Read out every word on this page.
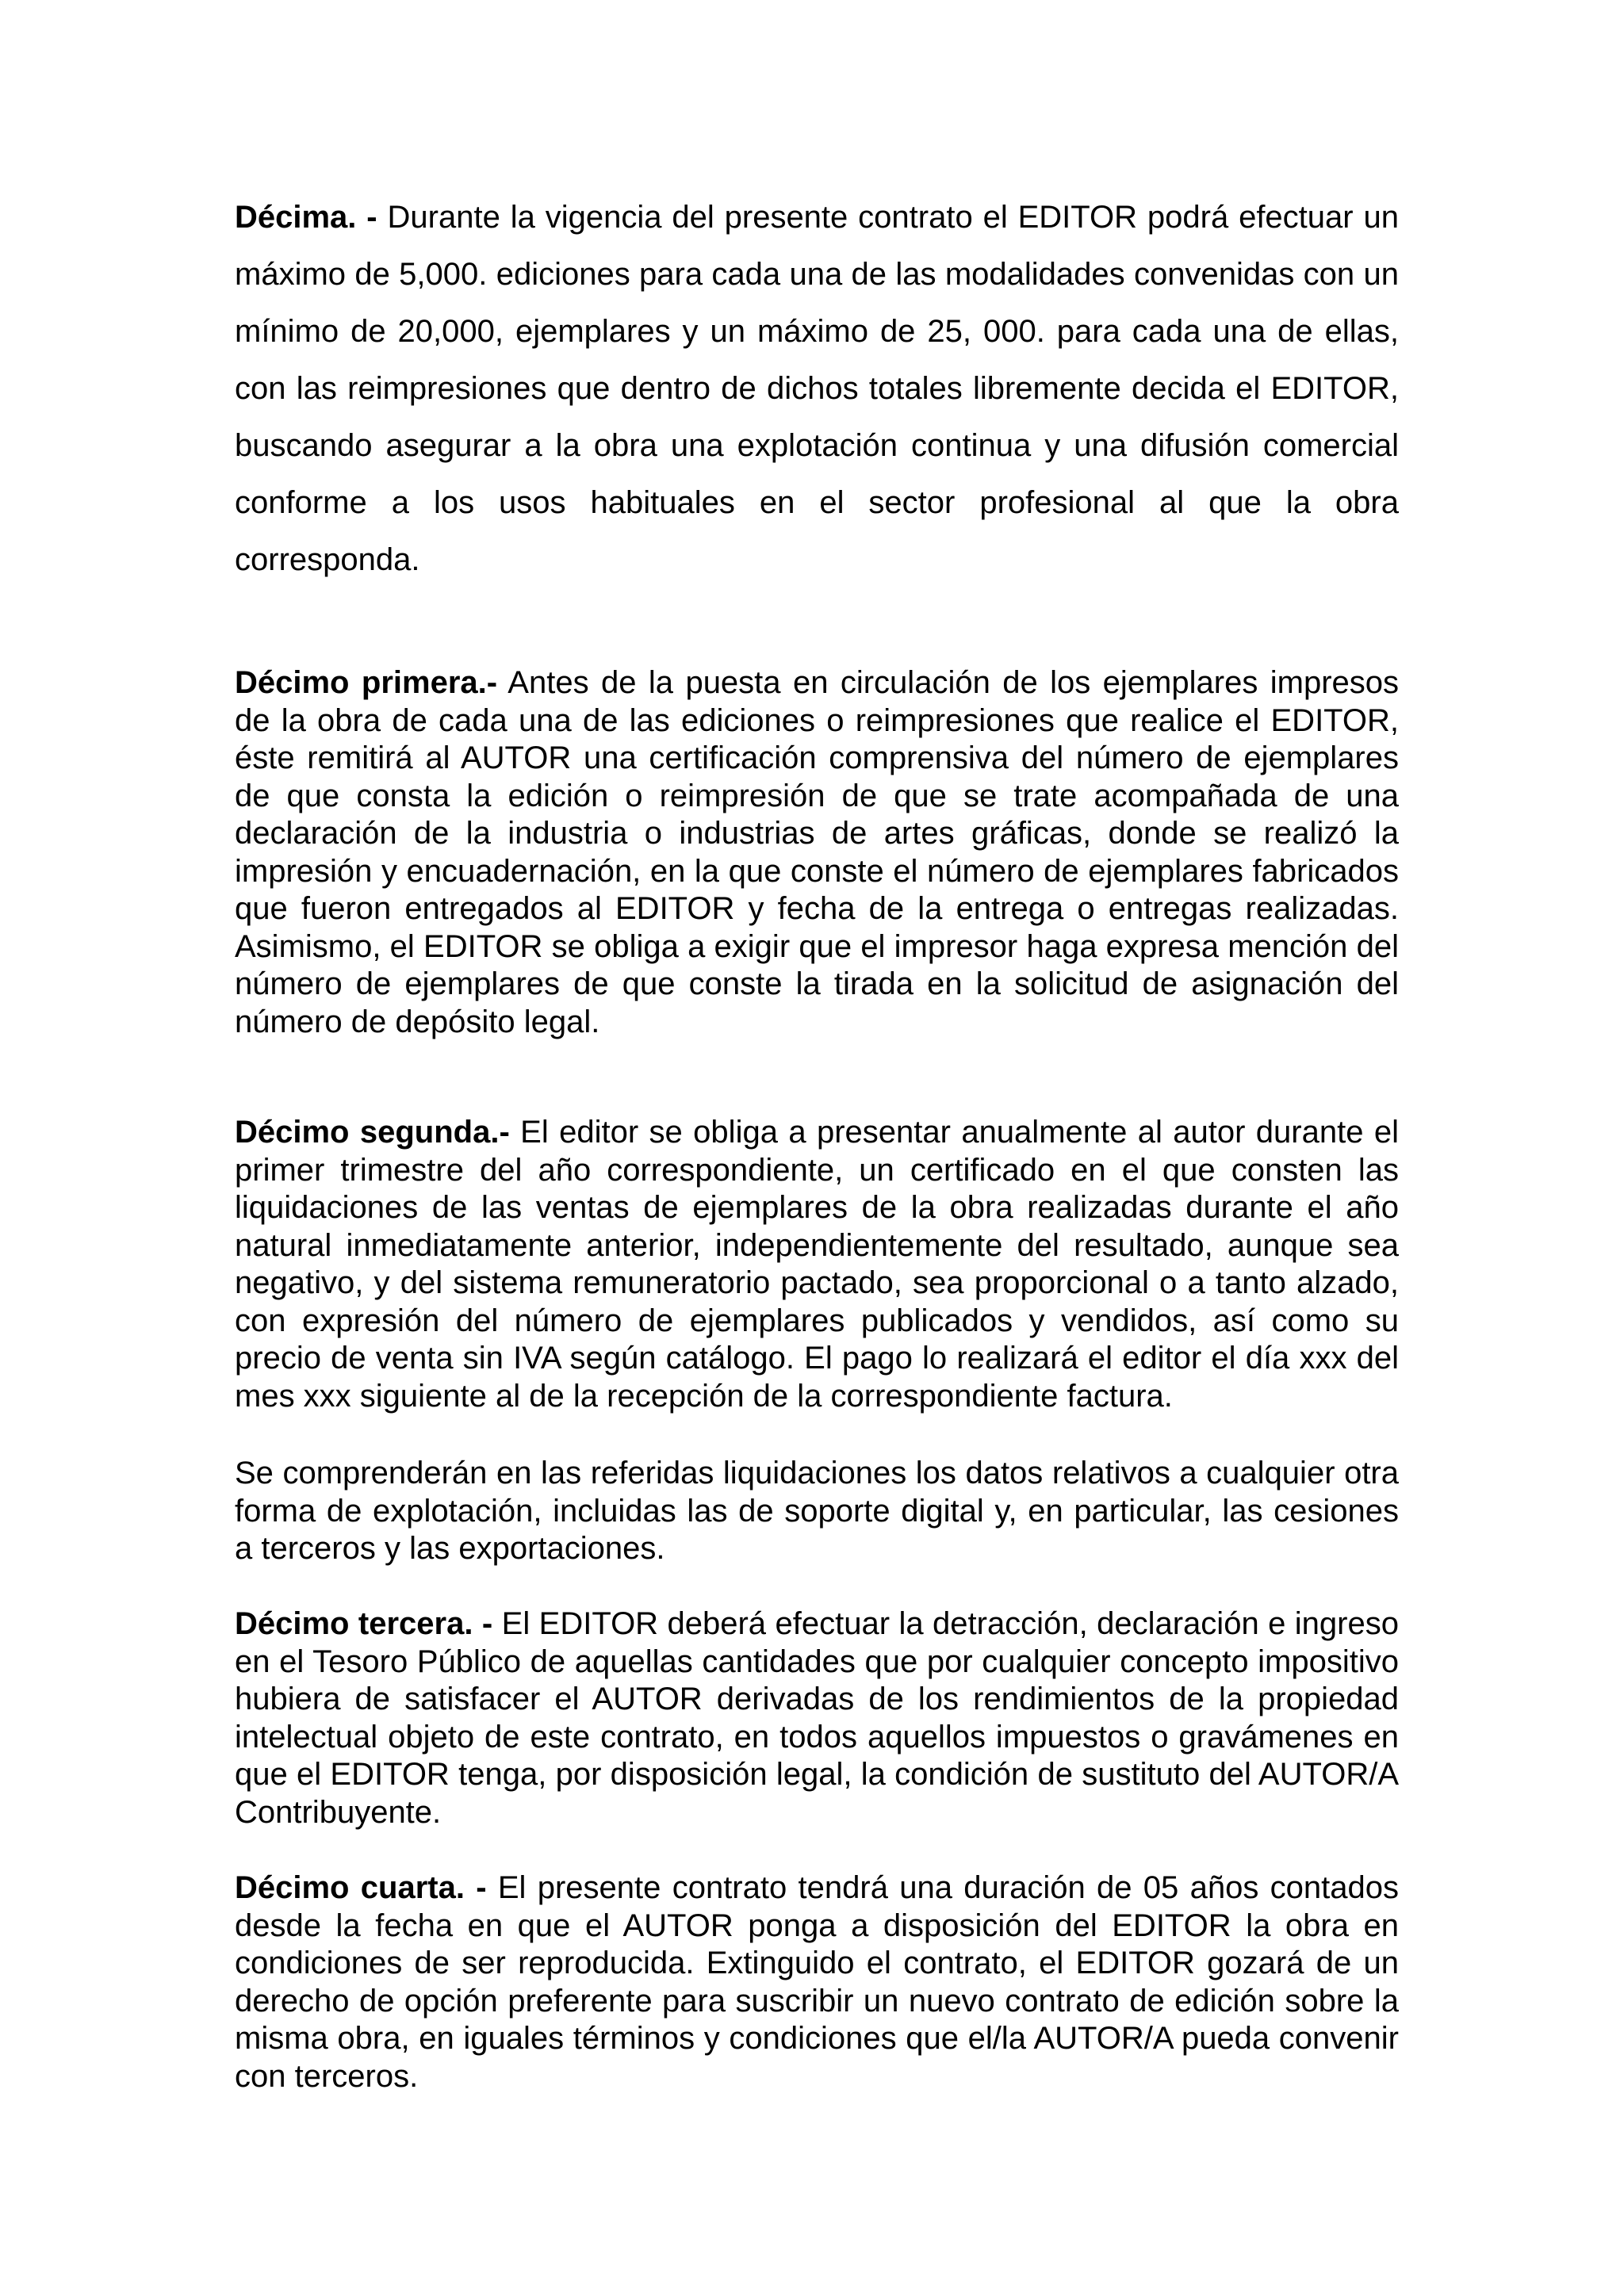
Décima. - Durante la vigencia del presente contrato el EDITOR podrá efectuar un máximo de 5,000. ediciones para cada una de las modalidades convenidas con un mínimo de 20,000, ejemplares y un máximo de 25, 000. para cada una de ellas, con las reimpresiones que dentro de dichos totales libremente decida el EDITOR, buscando asegurar a la obra una explotación continua y una difusión comercial conforme a los usos habituales en el sector profesional al que la obra corresponda.

Décimo primera.- Antes de la puesta en circulación de los ejemplares impresos de la obra de cada una de las ediciones o reimpresiones que realice el EDITOR, éste remitirá al AUTOR una certificación comprensiva del número de ejemplares de que consta la edición o reimpresión de que se trate acompañada de una declaración de la industria o industrias de artes gráficas, donde se realizó la impresión y encuadernación, en la que conste el número de ejemplares fabricados que fueron entregados al EDITOR y fecha de la entrega o entregas realizadas. Asimismo, el EDITOR se obliga a exigir que el impresor haga expresa mención del número de ejemplares de que conste la tirada en la solicitud de asignación del número de depósito legal.

Décimo segunda.- El editor se obliga a presentar anualmente al autor durante el primer trimestre del año correspondiente, un certificado en el que consten las liquidaciones de las ventas de ejemplares de la obra realizadas durante el año natural inmediatamente anterior, independientemente del resultado, aunque sea negativo, y del sistema remuneratorio pactado, sea proporcional o a tanto alzado, con expresión del número de ejemplares publicados y vendidos, así como su precio de venta sin IVA según catálogo. El pago lo realizará el editor el día xxx del mes xxx siguiente al de la recepción de la correspondiente factura.

Se comprenderán en las referidas liquidaciones los datos relativos a cualquier otra forma de explotación, incluidas las de soporte digital y, en particular, las cesiones a terceros y las exportaciones.

Décimo tercera. - El EDITOR deberá efectuar la detracción, declaración e ingreso en el Tesoro Público de aquellas cantidades que por cualquier concepto impositivo hubiera de satisfacer el AUTOR derivadas de los rendimientos de la propiedad intelectual objeto de este contrato, en todos aquellos impuestos o gravámenes en que el EDITOR tenga, por disposición legal, la condición de sustituto del AUTOR/A Contribuyente.

Décimo cuarta. - El presente contrato tendrá una duración de 05 años contados desde la fecha en que el AUTOR ponga a disposición del EDITOR la obra en condiciones de ser reproducida. Extinguido el contrato, el EDITOR gozará de un derecho de opción preferente para suscribir un nuevo contrato de edición sobre la misma obra, en iguales términos y condiciones que el/la AUTOR/A pueda convenir con terceros.
